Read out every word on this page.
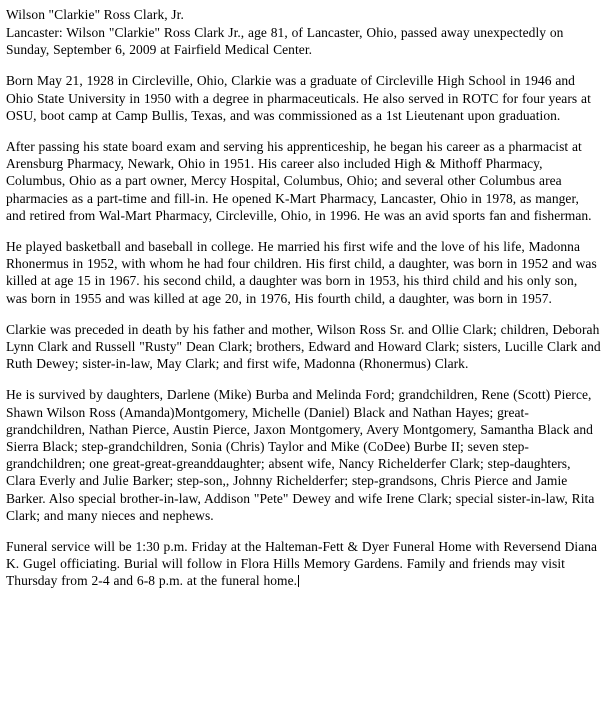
Wilson "Clarkie" Ross Clark, Jr.

Lancaster: Wilson "Clarkie" Ross Clark Jr., age 81, of Lancaster, Ohio, passed away unexpectedly on Sunday, September 6, 2009 at Fairfield Medical Center.

Born May 21, 1928 in Circleville, Ohio, Clarkie was a graduate of Circleville High School in 1946 and Ohio State University in 1950 with a degree in pharmaceuticals. He also served in ROTC for four years at OSU, boot camp at Camp Bullis, Texas, and was commissioned as a 1st Lieutenant upon graduation.

After passing his state board exam and serving his apprenticeship, he began his career as a pharmacist at Arensburg Pharmacy, Newark, Ohio in 1951. His career also included High & Mithoff Pharmacy, Columbus, Ohio as a part owner, Mercy Hospital, Columbus, Ohio; and several other Columbus area pharmacies as a part-time and fill-in. He opened K-Mart Pharmacy, Lancaster, Ohio in 1978, as manger, and retired from Wal-Mart Pharmacy, Circleville, Ohio, in 1996. He was an avid sports fan and fisherman.

He played basketball and baseball in college. He married his first wife and the love of his life, Madonna Rhonermus in 1952, with whom he had four children. His first child, a daughter, was born in 1952 and was killed at age 15 in 1967. his second child, a daughter was born in 1953, his third child and his only son, was born in 1955 and was killed at age 20, in 1976, His fourth child, a daughter, was born in 1957.

Clarkie was preceded in death by his father and mother, Wilson Ross Sr. and Ollie Clark; children, Deborah Lynn Clark and Russell "Rusty" Dean Clark; brothers, Edward and Howard Clark; sisters, Lucille Clark and Ruth Dewey; sister-in-law, May Clark; and first wife, Madonna (Rhonermus) Clark.

He is survived by daughters, Darlene (Mike) Burba and Melinda Ford; grandchildren, Rene (Scott) Pierce, Shawn Wilson Ross (Amanda)Montgomery, Michelle (Daniel) Black and Nathan Hayes; great-grandchildren, Nathan Pierce, Austin Pierce, Jaxon Montgomery, Avery Montgomery, Samantha Black and Sierra Black; step-grandchildren, Sonia (Chris) Taylor and Mike (CoDee) Burbe II; seven step-grandchildren; one great-great-greanddaughter; absent wife, Nancy Richelderfer Clark; step-daughters, Clara Everly and Julie Barker; step-son,, Johnny Richelderfer; step-grandsons, Chris Pierce and Jamie Barker. Also special brother-in-law, Addison "Pete" Dewey and wife Irene Clark; special sister-in-law, Rita Clark; and many nieces and nephews.

Funeral service will be 1:30 p.m. Friday at the Halteman-Fett & Dyer Funeral Home with Reversend Diana K. Gugel officiating. Burial will follow in Flora Hills Memory Gardens. Family and friends may visit Thursday from 2-4 and 6-8 p.m. at the funeral home.
